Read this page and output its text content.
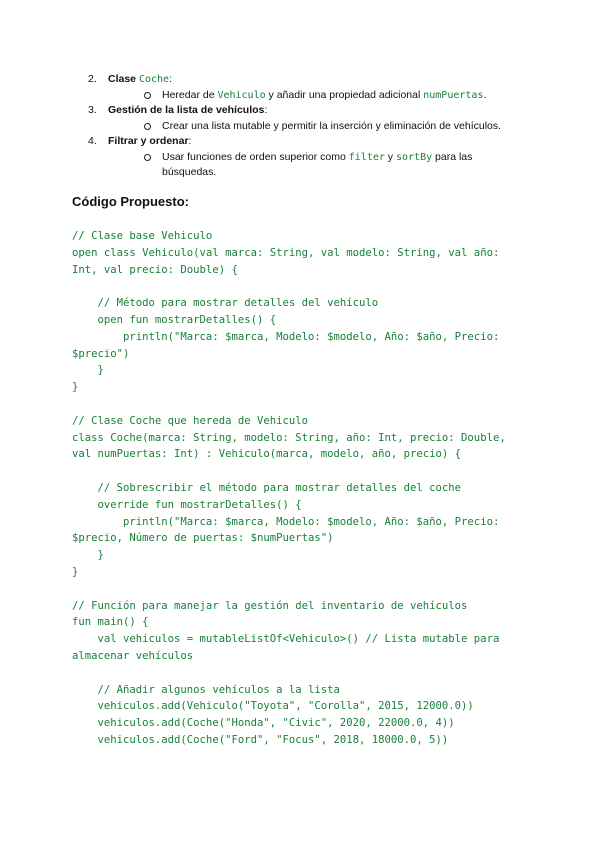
2. Clase Coche:
Heredar de Vehiculo y añadir una propiedad adicional numPuertas.
3. Gestión de la lista de vehículos:
Crear una lista mutable y permitir la inserción y eliminación de vehículos.
4. Filtrar y ordenar:
Usar funciones de orden superior como filter y sortBy para las
búsquedas.
Código Propuesto:
// Clase base Vehiculo
open class Vehiculo(val marca: String, val modelo: String, val año:
Int, val precio: Double) {

// Método para mostrar detalles del vehículo
open fun mostrarDetalles() {
println("Marca: $marca, Modelo: $modelo, Año: $año, Precio:
$precio")
}
}

// Clase Coche que hereda de Vehiculo
class Coche(marca: String, modelo: String, año: Int, precio: Double,
val numPuertas: Int) : Vehiculo(marca, modelo, año, precio) {

// Sobrescribir el método para mostrar detalles del coche
override fun mostrarDetalles() {
println("Marca: $marca, Modelo: $modelo, Año: $año, Precio:
$precio, Número de puertas: $numPuertas")
}
}

// Función para manejar la gestión del inventario de vehículos
fun main() {
val vehiculos = mutableListOf<Vehiculo>() // Lista mutable para
almacenar vehículos

// Añadir algunos vehículos a la lista
vehiculos.add(Vehiculo("Toyota", "Corolla", 2015, 12000.0))
vehiculos.add(Coche("Honda", "Civic", 2020, 22000.0, 4))
vehiculos.add(Coche("Ford", "Focus", 2018, 18000.0, 5))
